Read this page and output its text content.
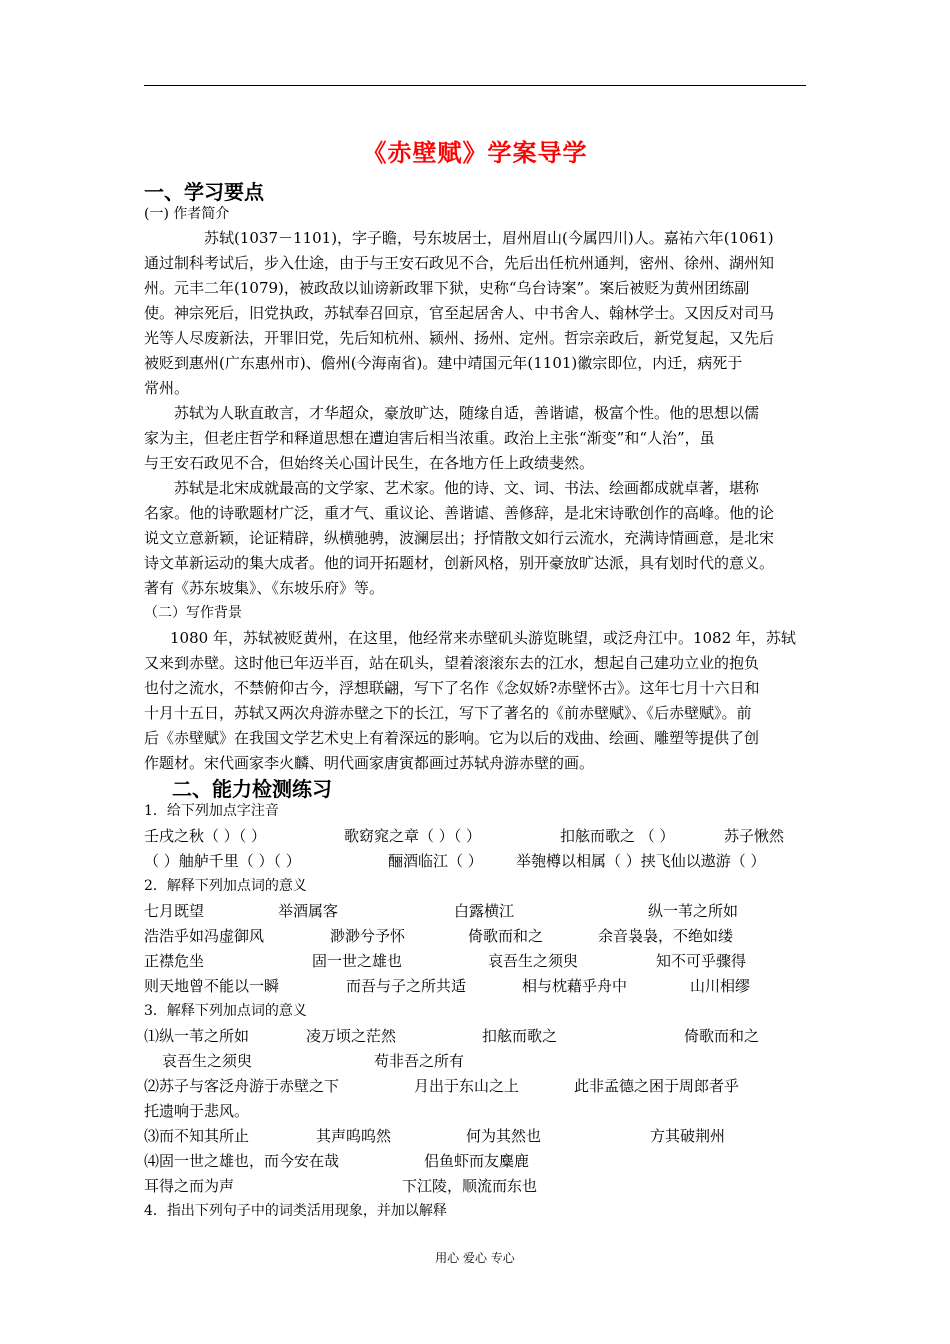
《赤壁赋》学案导学
一、学习要点
(一) 作者简介
苏轼(1037－1101)，字子瞻，号东坡居士，眉州眉山(今属四川)人。嘉祐六年(1061)
通过制科考试后，步入仕途，由于与王安石政见不合，先后出任杭州通判，密州、徐州、湖州知
州。元丰二年(1079)，被政敌以讪谤新政罪下狱，史称“乌台诗案”。案后被贬为黄州团练副
使。神宗死后，旧党执政，苏轼奉召回京，官至起居舍人、中书舍人、翰林学士。又因反对司马
光等人尽废新法，开罪旧党，先后知杭州、颍州、扬州、定州。哲宗亲政后，新党复起，又先后
被贬到惠州(广东惠州市)、儋州(今海南省)。建中靖国元年(1101)徽宗即位，内迁，病死于
常州。
苏轼为人耿直敢言，才华超众，豪放旷达，随缘自适，善谐谑，极富个性。他的思想以儒
家为主，但老庄哲学和释道思想在遭迫害后相当浓重。政治上主张“渐变”和“人治”，虽
与王安石政见不合，但始终关心国计民生，在各地方任上政绩斐然。
苏轼是北宋成就最高的文学家、艺术家。他的诗、文、词、书法、绘画都成就卓著，堪称
名家。他的诗歌题材广泛，重才气、重议论、善谐谑、善修辞，是北宋诗歌创作的高峰。他的论
说文立意新颖，论证精辟，纵横驰骋，波澜层出；抒情散文如行云流水，充满诗情画意，是北宋
诗文革新运动的集大成者。他的词开拓题材，创新风格，别开豪放旷达派，具有划时代的意义。
著有《苏东坡集》、《东坡乐府》等。
（二）写作背景
1080 年，苏轼被贬黄州，在这里，他经常来赤壁矶头游览眺望，或泛舟江中。1082 年，苏轼
又来到赤壁。这时他已年迈半百，站在矶头，望着滚滚东去的江水，想起自己建功立业的抱负
也付之流水，不禁俯仰古今，浮想联翩，写下了名作《念奴娇?赤壁怀古》。这年七月十六日和
十月十五日，苏轼又两次舟游赤壁之下的长江，写下了著名的《前赤壁赋》、《后赤壁赋》。前
后《赤壁赋》在我国文学艺术史上有着深远的影响。它为以后的戏曲、绘画、雕塑等提供了创
作题材。宋代画家李火麟、明代画家唐寅都画过苏轼舟游赤壁的画。
二、能力检测练习
1．给下列加点字注音
壬戌之秋（ ）（ ）	歌窈窕之章（ ）（ ）	扣舷而歌之 （ ）	苏子愀然
（ ）舳舻千里（ ）（ ）	酾酒临江（ ） 举匏樽以相属（ ）挟飞仙以遨游（ ）
2．解释下列加点词的意义
七月既望	举酒属客	白露横江	纵一苇之所如
浩浩乎如冯虚御风	渺渺兮予怀	倚歌而和之	余音袅袅，不绝如缕
正襟危坐	固一世之雄也	哀吾生之须臾	知不可乎骤得
则天地曾不能以一瞬	而吾与子之所共适	相与枕藉乎舟中	山川相缪
3．解释下列加点词的意义
⑴纵一苇之所如	凌万顷之茫然	扣舷而歌之	倚歌而和之
哀吾生之须臾	苟非吾之所有
⑵苏子与客泛舟游于赤壁之下	月出于东山之上	此非孟德之困于周郎者乎
托遗响于悲风。
⑶而不知其所止	其声呜呜然	何为其然也	方其破荆州
⑷固一世之雄也，而今安在哉	侣鱼虾而友麋鹿
耳得之而为声	下江陵，顺流而东也
4．指出下列句子中的词类活用现象，并加以解释
用心 爱心 专心
